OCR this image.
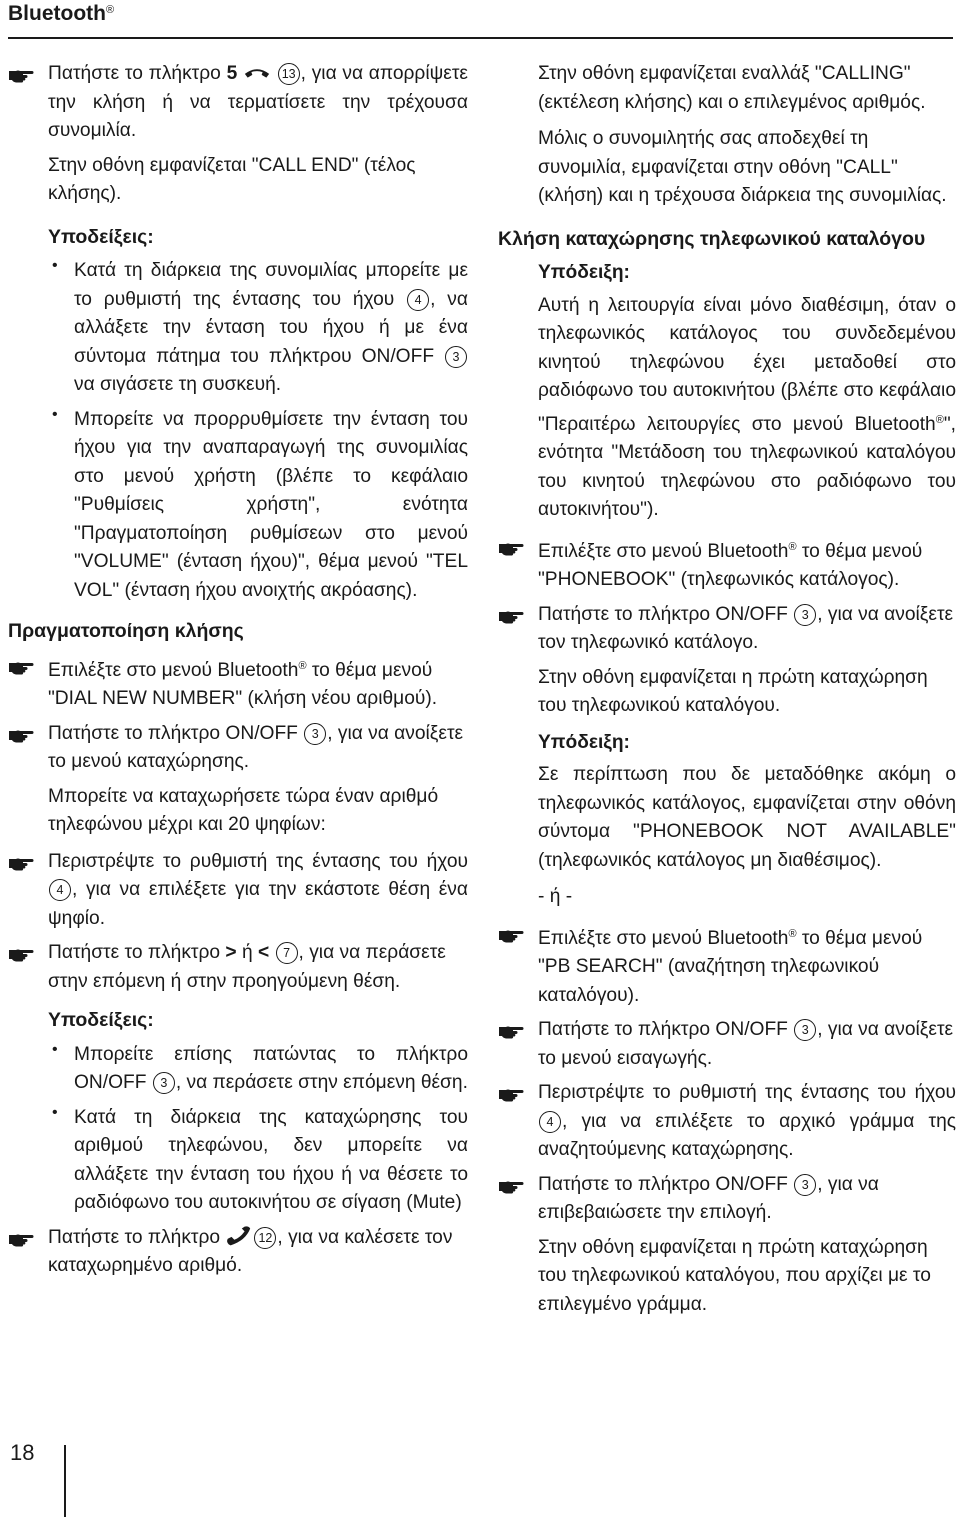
Bluetooth®

Πατήστε το πλήκτρο 5	13 , για να απορρίψετε την κλήση ή να τερματίσετε την τρέχουσα συνομιλία.

Στην οθόνη εμφανίζεται "CALL END" (τέλος κλήσης).

Υποδείξεις:

• Κατά τη διάρκεια της συνομιλίας μπορείτε με το ρυθμιστή της έντασης του ήχου 4 , να αλλάξετε την ένταση του ήχου ή με ένα σύντομα πάτημα του πλήκτρου ON/OFF 3 να σιγάσετε τη συσκευή.

• Μπορείτε να προρρυθμίσετε την ένταση του ήχου για την αναπαραγωγή της συνομιλίας στο μενού χρήστη (βλέπε το κεφάλαιο "Ρυθμίσεις χρήστη", ενότητα "Πραγματοποίηση ρυθμίσεων στο μενού "VOLUME" (ένταση ήχου)", θέμα μενού "TEL VOL" (ένταση ήχου ανοιχτής ακρόασης).

Πραγματοποίηση κλήσης

Επιλέξτε στο μενού Bluetooth® το θέμα μενού "DIAL NEW NUMBER" (κλήση νέου αριθμού).

Πατήστε το πλήκτρο ON/OFF 3 , για να ανοίξετε το μενού καταχώρησης.

Μπορείτε να καταχωρήσετε τώρα έναν αριθμό τηλεφώνου μέχρι και 20 ψηφίων:

Περιστρέψτε το ρυθμιστή της έντασης του ήχου 4 , για να επιλέξετε για την εκάστοτε θέση ένα ψηφίο.

Πατήστε το πλήκτρο > ή < 7 , για να περάσετε στην επόμενη ή στην προηγούμενη θέση.

Υποδείξεις:

• Μπορείτε επίσης πατώντας το πλήκτρο ON/OFF 3 , να περάσετε στην επόμενη θέση.

• Κατά τη διάρκεια της καταχώρησης του αριθμού τηλεφώνου, δεν μπορείτε να αλλάξετε την ένταση του ήχου ή να θέσετε το ραδιόφωνο του αυτοκινήτου σε σίγαση (Mute)

Πατήστε το πλήκτρο	12 , για να καλέσετε τον καταχωρημένο αριθμό.

Στην οθόνη εμφανίζεται εναλλάξ "CALLING" (εκτέλεση κλήσης) και ο επιλεγμένος αριθμός.

Μόλις ο συνομιλητής σας αποδεχθεί τη συνομιλία, εμφανίζεται στην οθόνη "CALL" (κλήση) και η τρέχουσα διάρκεια της συνομιλίας.

Κλήση καταχώρησης τηλεφωνικού καταλόγου

Υπόδειξη:

Αυτή η λειτουργία είναι μόνο διαθέσιμη, όταν ο τηλεφωνικός κατάλογος του συνδεδεμένου κινητού τηλεφώνου έχει μεταδοθεί στο ραδιόφωνο του αυτοκινήτου (βλέπε στο κεφάλαιο "Περαιτέρω λειτουργίες στο μενού Bluetooth®", ενότητα "Μετάδοση του τηλεφωνικού καταλόγου του κινητού τηλεφώνου στο ραδιόφωνο του αυτοκινήτου").

Επιλέξτε στο μενού Bluetooth® το θέμα μενού "PHONEBOOK" (τηλεφωνικός κατάλογος).

Πατήστε το πλήκτρο ON/OFF 3 , για να ανοίξετε τον τηλεφωνικό κατάλογο.

Στην οθόνη εμφανίζεται η πρώτη καταχώρηση του τηλεφωνικού καταλόγου.

Υπόδειξη:

Σε περίπτωση που δε μεταδόθηκε ακόμη ο τηλεφωνικός κατάλογος, εμφανίζεται στην οθόνη σύντομα "PHONEBOOK NOT AVAILABLE" (τηλεφωνικός κατάλογος μη διαθέσιμος).

- ή -

Επιλέξτε στο μενού Bluetooth® το θέμα μενού "PB SEARCH" (αναζήτηση τηλεφωνικού καταλόγου).

Πατήστε το πλήκτρο ON/OFF 3 , για να ανοίξετε το μενού εισαγωγής.

Περιστρέψτε το ρυθμιστή της έντασης του ήχου 4 , για να επιλέξετε το αρχικό γράμμα της αναζητούμενης καταχώρησης.

Πατήστε το πλήκτρο ON/OFF 3 , για να επιβεβαιώσετε την επιλογή.

Στην οθόνη εμφανίζεται η πρώτη καταχώρηση του τηλεφωνικού καταλόγου, που αρχίζει με το επιλεγμένο γράμμα.

18
